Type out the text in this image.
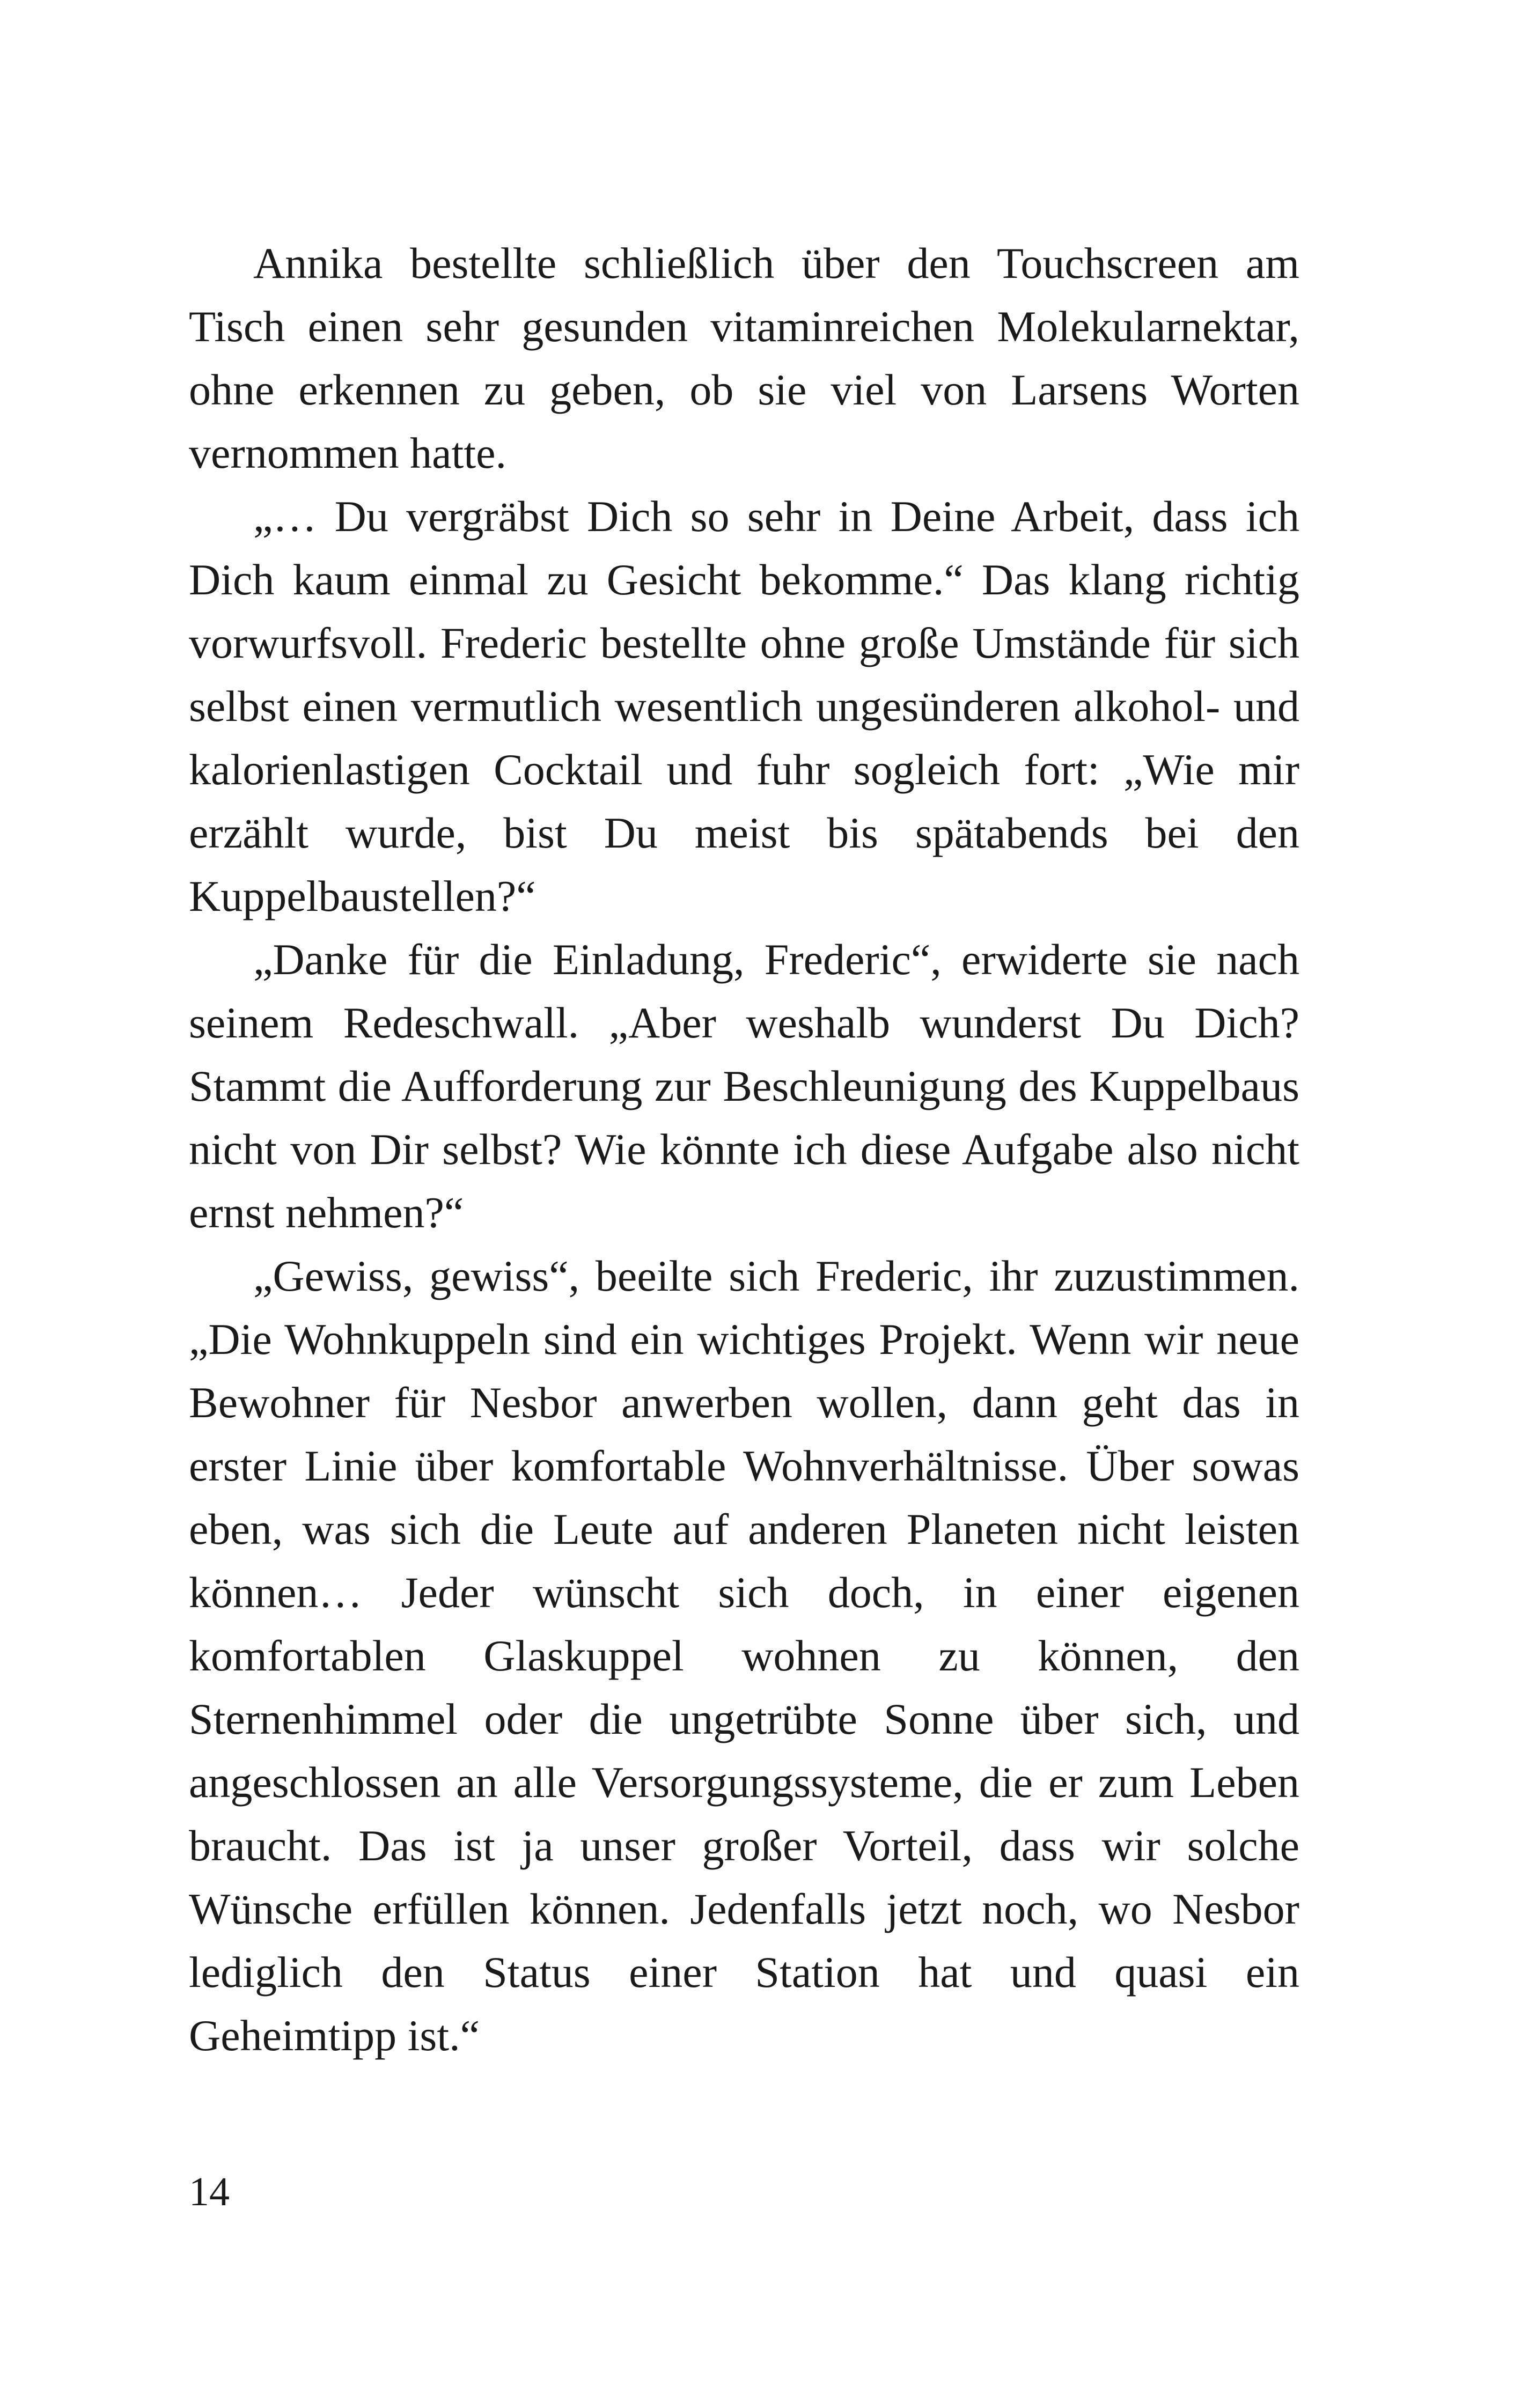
Annika bestellte schließlich über den Touchscreen am Tisch einen sehr gesunden vitaminreichen Molekularnektar, ohne erkennen zu geben, ob sie viel von Larsens Worten vernommen hatte.

„… Du vergräbst Dich so sehr in Deine Arbeit, dass ich Dich kaum einmal zu Gesicht bekomme.“ Das klang richtig vorwurfsvoll. Frederic bestellte ohne große Umstände für sich selbst einen vermutlich wesentlich ungesünderen alkohol- und kalorienlastigen Cocktail und fuhr sogleich fort: „Wie mir erzählt wurde, bist Du meist bis spätabends bei den Kuppelbaustellen?“

„Danke für die Einladung, Frederic“, erwiderte sie nach seinem Redeschwall. „Aber weshalb wunderst Du Dich? Stammt die Aufforderung zur Beschleunigung des Kuppelbaus nicht von Dir selbst? Wie könnte ich diese Aufgabe also nicht ernst nehmen?“

„Gewiss, gewiss“, beeilte sich Frederic, ihr zuzustimmen. „Die Wohnkuppeln sind ein wichtiges Projekt. Wenn wir neue Bewohner für Nesbor anwerben wollen, dann geht das in erster Linie über komfortable Wohnverhältnisse. Über sowas eben, was sich die Leute auf anderen Planeten nicht leisten können… Jeder wünscht sich doch, in einer eigenen komfortablen Glaskuppel wohnen zu können, den Sternenhimmel oder die ungetrübte Sonne über sich, und angeschlossen an alle Versorgungssysteme, die er zum Leben braucht. Das ist ja unser großer Vorteil, dass wir solche Wünsche erfüllen können. Jedenfalls jetzt noch, wo Nesbor lediglich den Status einer Station hat und quasi ein Geheimtipp ist.“

14
